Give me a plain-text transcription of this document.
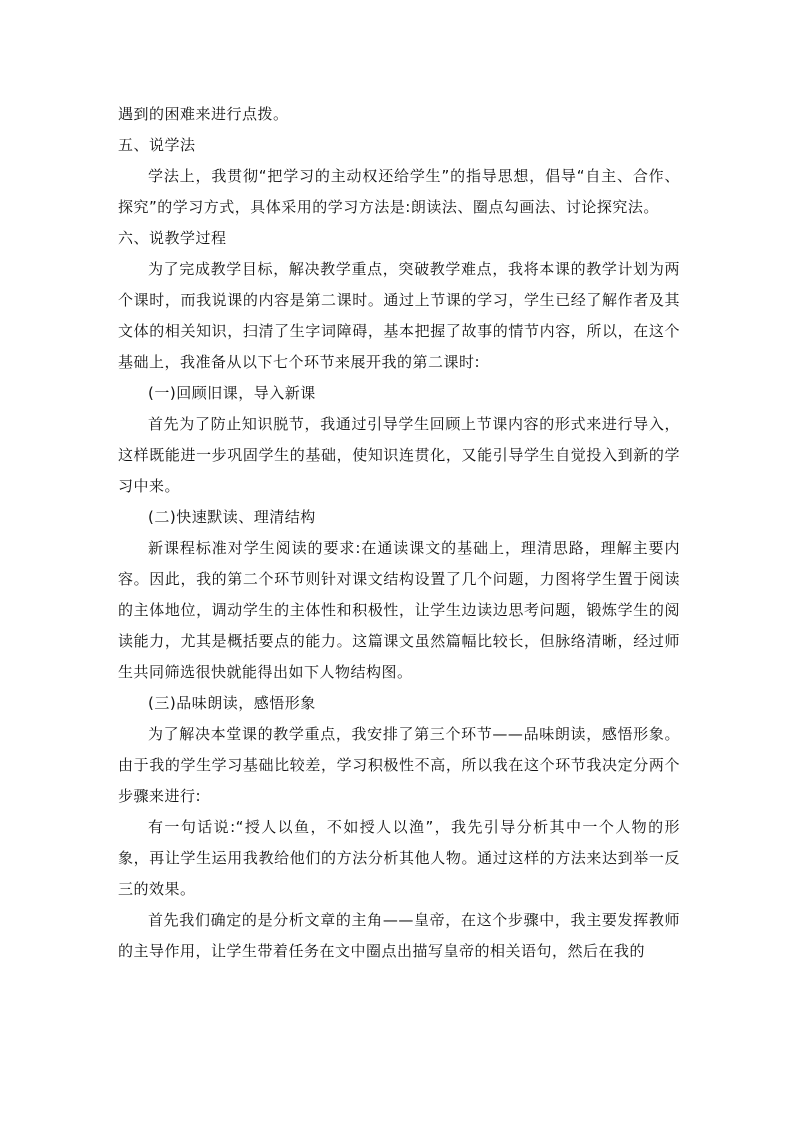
遇到的困难来进行点拨。

五、说学法

学法上，我贯彻“把学习的主动权还给学生”的指导思想，倡导“自主、合作、探究”的学习方式，具体采用的学习方法是:朗读法、圈点勾画法、讨论探究法。

六、说教学过程

为了完成教学目标，解决教学重点，突破教学难点，我将本课的教学计划为两个课时，而我说课的内容是第二课时。通过上节课的学习，学生已经了解作者及其文体的相关知识，扫清了生字词障碍，基本把握了故事的情节内容，所以，在这个基础上，我准备从以下七个环节来展开我的第二课时:

(一)回顾旧课，导入新课

首先为了防止知识脱节，我通过引导学生回顾上节课内容的形式来进行导入，这样既能进一步巩固学生的基础，使知识连贯化，又能引导学生自觉投入到新的学习中来。

(二)快速默读、理清结构

新课程标准对学生阅读的要求:在通读课文的基础上，理清思路，理解主要内容。因此，我的第二个环节则针对课文结构设置了几个问题，力图将学生置于阅读的主体地位，调动学生的主体性和积极性，让学生边读边思考问题，锻炼学生的阅读能力，尤其是概括要点的能力。这篇课文虽然篇幅比较长，但脉络清晰，经过师生共同筛选很快就能得出如下人物结构图。

(三)品味朗读，感悟形象

为了解决本堂课的教学重点，我安排了第三个环节——品味朗读，感悟形象。由于我的学生学习基础比较差，学习积极性不高，所以我在这个环节我决定分两个步骤来进行:

有一句话说:“授人以鱼，不如授人以渔”，我先引导分析其中一个人物的形象，再让学生运用我教给他们的方法分析其他人物。通过这样的方法来达到举一反三的效果。

首先我们确定的是分析文章的主角——皇帝，在这个步骤中，我主要发挥教师的主导作用，让学生带着任务在文中圈点出描写皇帝的相关语句，然后在我的
